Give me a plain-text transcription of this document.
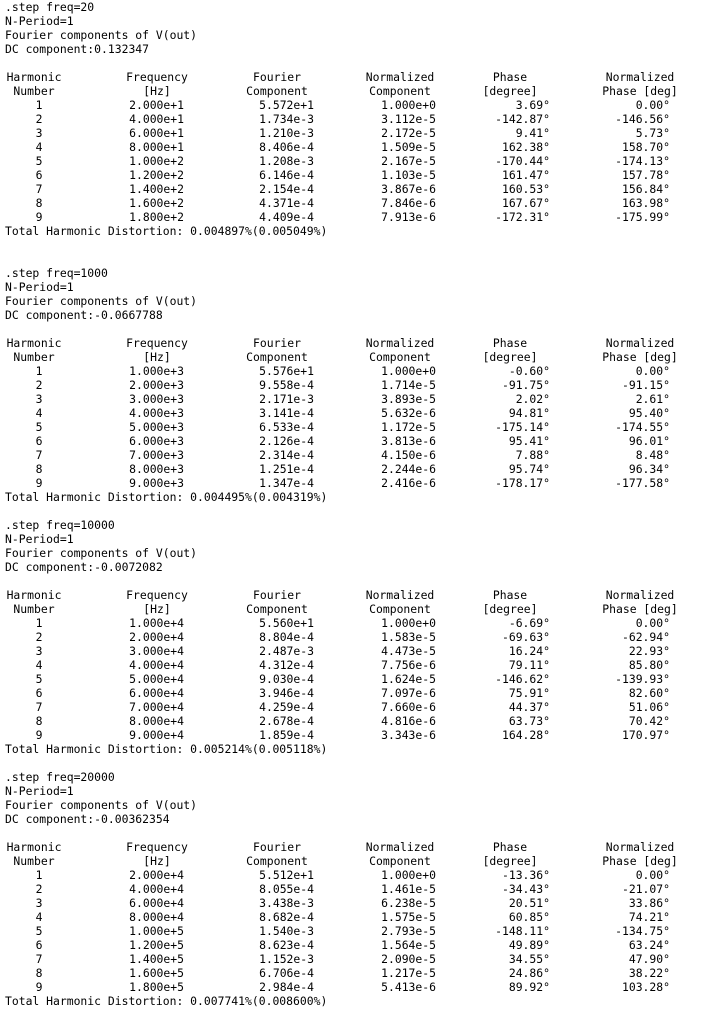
.step freq=20
N-Period=1
Fourier components of V(out)
DC component:0.132347
Harmonic	Frequency	Fourier	Normalized	Phase	Normalized
Number	[Hz]	Component	Component	[degree]	Phase [deg]
1	2.000e+1	5.572e+1	1.000e+0	3.69°	0.00°
2	4.000e+1	1.734e-3	3.112e-5	-142.87°	-146.56°
3	6.000e+1	1.210e-3	2.172e-5	9.41°	5.73°
4	8.000e+1	8.406e-4	1.509e-5	162.38°	158.70°
5	1.000e+2	1.208e-3	2.167e-5	-170.44°	-174.13°
6	1.200e+2	6.146e-4	1.103e-5	161.47°	157.78°
7	1.400e+2	2.154e-4	3.867e-6	160.53°	156.84°
8	1.600e+2	4.371e-4	7.846e-6	167.67°	163.98°
9	1.800e+2	4.409e-4	7.913e-6	-172.31°	-175.99°
Total Harmonic Distortion: 0.004897%(0.005049%)
.step freq=1000
N-Period=1
Fourier components of V(out)
DC component:-0.0667788
Harmonic	Frequency	Fourier	Normalized	Phase	Normalized
Number	[Hz]	Component	Component	[degree]	Phase [deg]
1	1.000e+3	5.576e+1	1.000e+0	-0.60°	0.00°
2	2.000e+3	9.558e-4	1.714e-5	-91.75°	-91.15°
3	3.000e+3	2.171e-3	3.893e-5	2.02°	2.61°
4	4.000e+3	3.141e-4	5.632e-6	94.81°	95.40°
5	5.000e+3	6.533e-4	1.172e-5	-175.14°	-174.55°
6	6.000e+3	2.126e-4	3.813e-6	95.41°	96.01°
7	7.000e+3	2.314e-4	4.150e-6	7.88°	8.48°
8	8.000e+3	1.251e-4	2.244e-6	95.74°	96.34°
9	9.000e+3	1.347e-4	2.416e-6	-178.17°	-177.58°
Total Harmonic Distortion: 0.004495%(0.004319%)
.step freq=10000
N-Period=1
Fourier components of V(out)
DC component:-0.0072082
Harmonic	Frequency	Fourier	Normalized	Phase	Normalized
Number	[Hz]	Component	Component	[degree]	Phase [deg]
1	1.000e+4	5.560e+1	1.000e+0	-6.69°	0.00°
2	2.000e+4	8.804e-4	1.583e-5	-69.63°	-62.94°
3	3.000e+4	2.487e-3	4.473e-5	16.24°	22.93°
4	4.000e+4	4.312e-4	7.756e-6	79.11°	85.80°
5	5.000e+4	9.030e-4	1.624e-5	-146.62°	-139.93°
6	6.000e+4	3.946e-4	7.097e-6	75.91°	82.60°
7	7.000e+4	4.259e-4	7.660e-6	44.37°	51.06°
8	8.000e+4	2.678e-4	4.816e-6	63.73°	70.42°
9	9.000e+4	1.859e-4	3.343e-6	164.28°	170.97°
Total Harmonic Distortion: 0.005214%(0.005118%)
.step freq=20000
N-Period=1
Fourier components of V(out)
DC component:-0.00362354
Harmonic	Frequency	Fourier	Normalized	Phase	Normalized
Number	[Hz]	Component	Component	[degree]	Phase [deg]
1	2.000e+4	5.512e+1	1.000e+0	-13.36°	0.00°
2	4.000e+4	8.055e-4	1.461e-5	-34.43°	-21.07°
3	6.000e+4	3.438e-3	6.238e-5	20.51°	33.86°
4	8.000e+4	8.682e-4	1.575e-5	60.85°	74.21°
5	1.000e+5	1.540e-3	2.793e-5	-148.11°	-134.75°
6	1.200e+5	8.623e-4	1.564e-5	49.89°	63.24°
7	1.400e+5	1.152e-3	2.090e-5	34.55°	47.90°
8	1.600e+5	6.706e-4	1.217e-5	24.86°	38.22°
9	1.800e+5	2.984e-4	5.413e-6	89.92°	103.28°
Total Harmonic Distortion: 0.007741%(0.008600%)
